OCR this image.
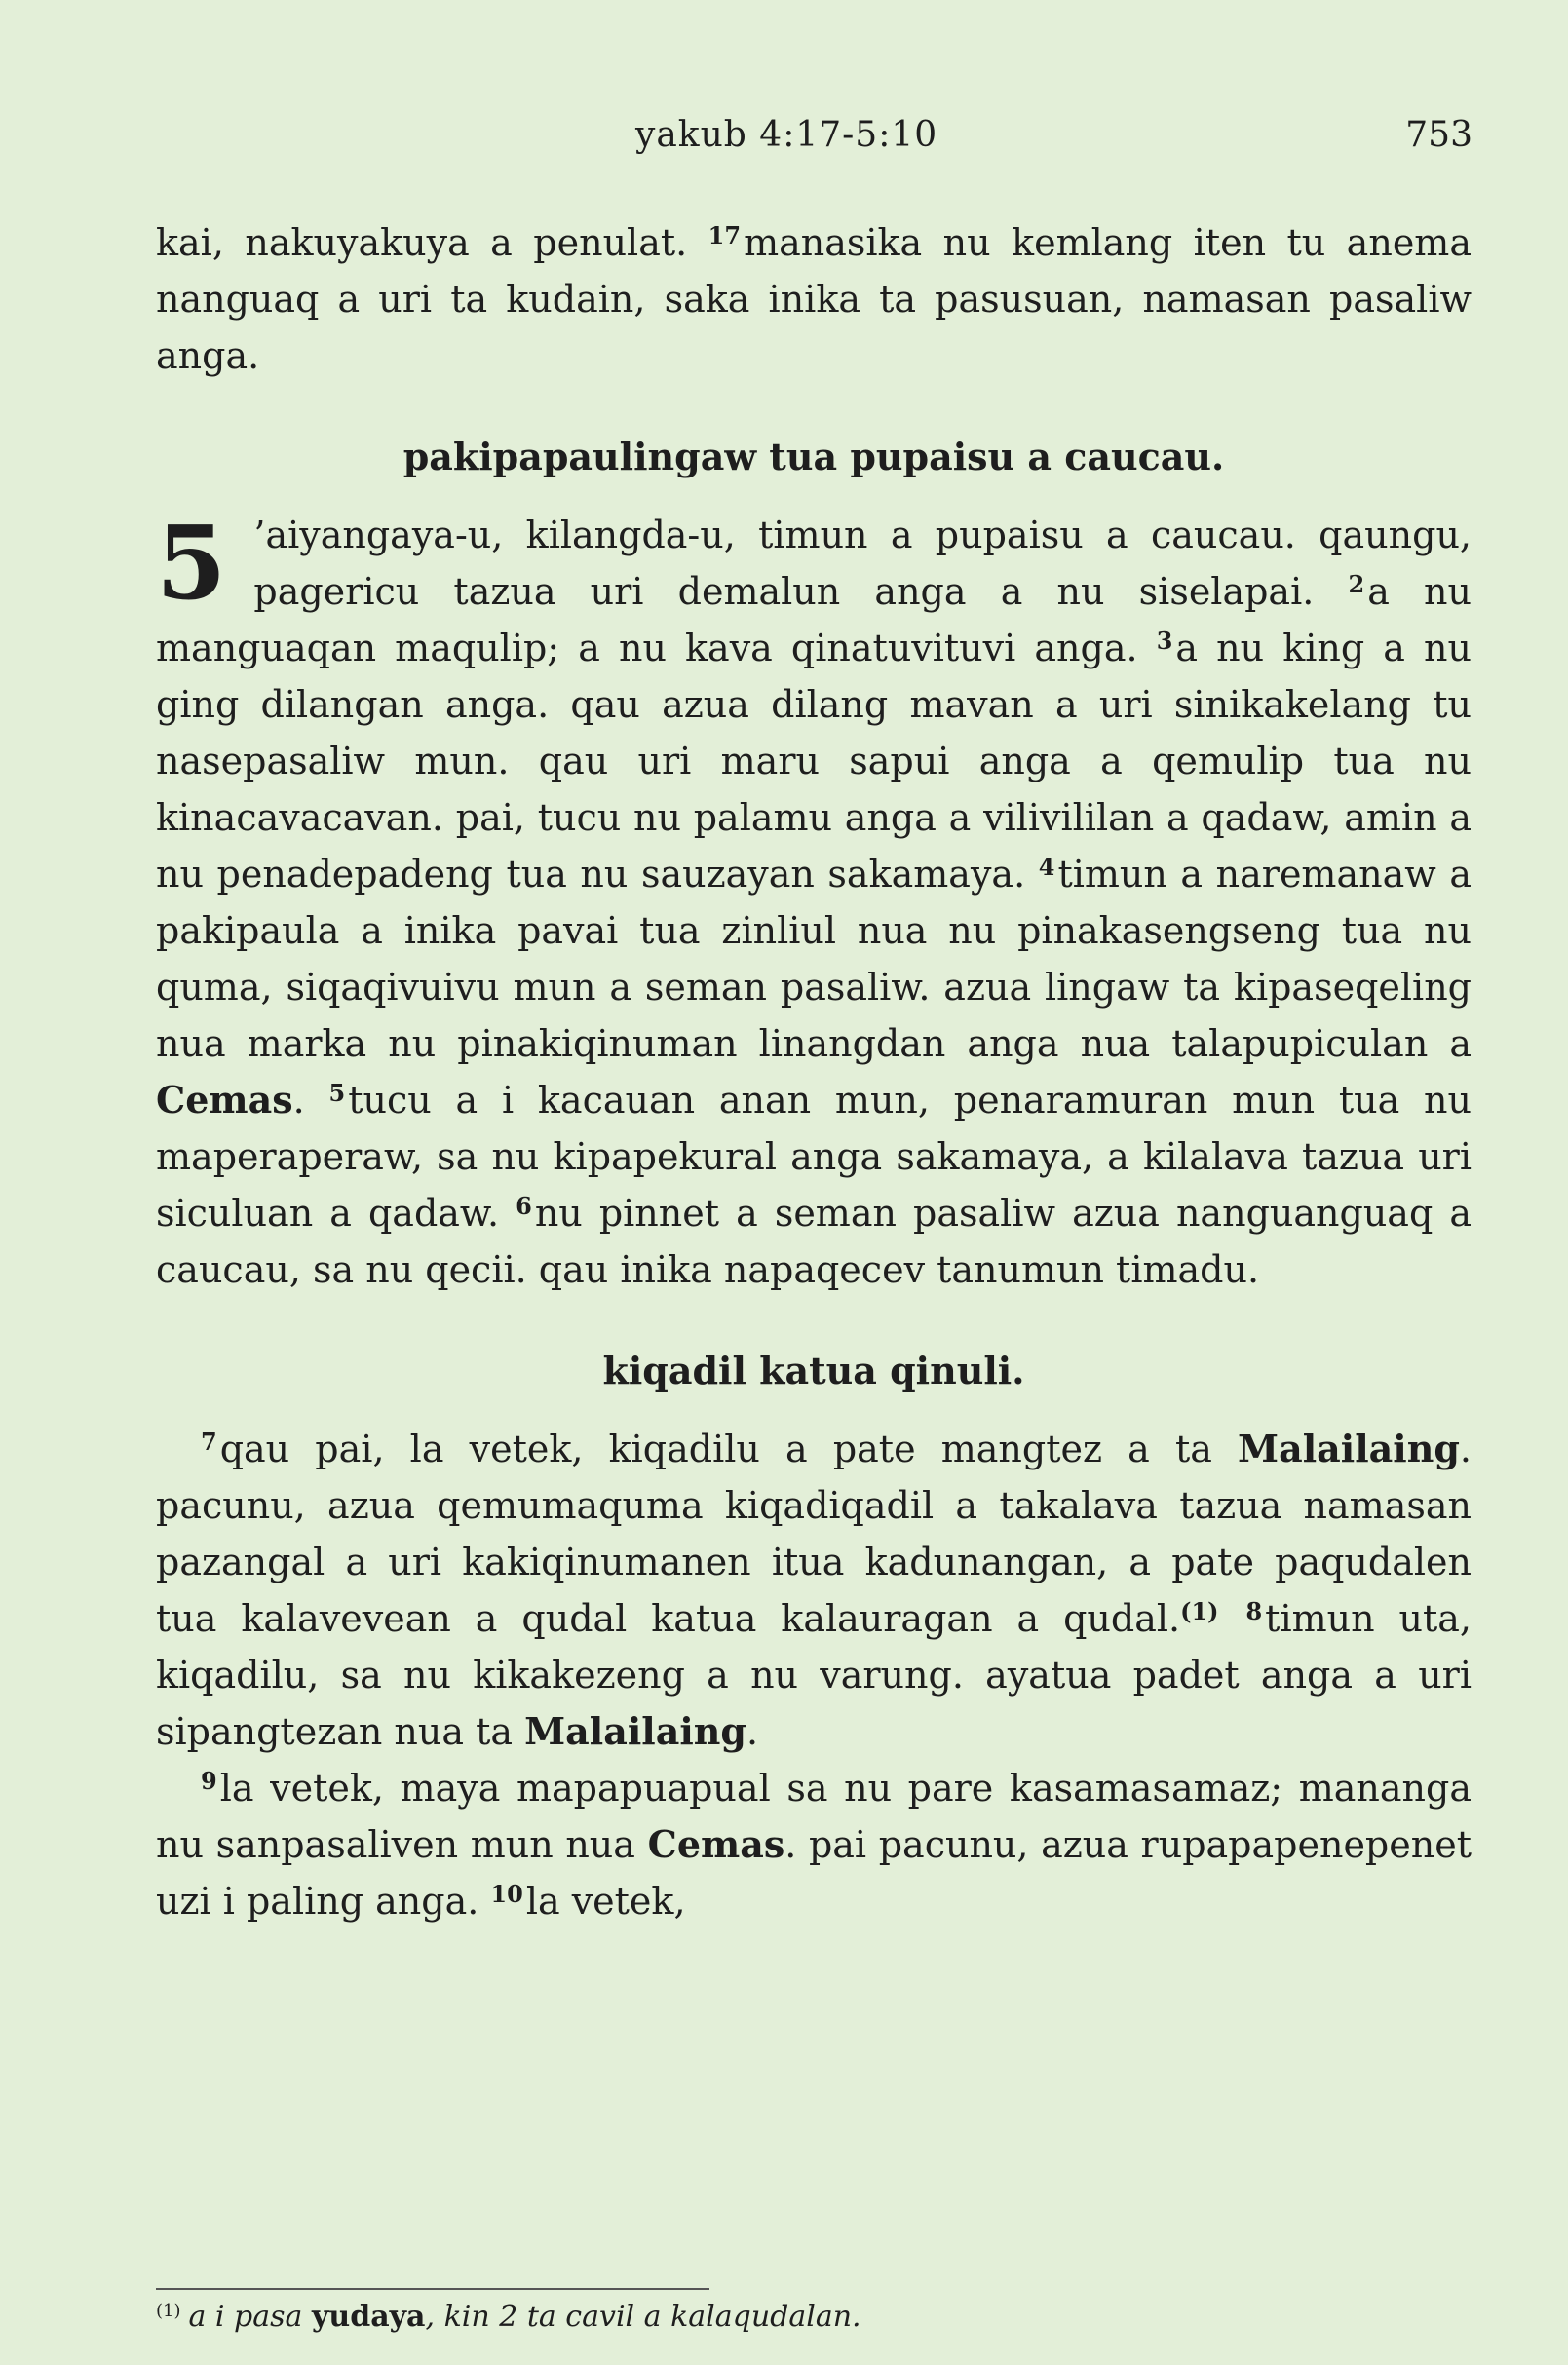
yakub 4:17-5:10	753

kai, nakuyakuya a penulat. $^{17}$manasika nu kemlang iten tu anema nanguaq a uri ta kudain, saka inika ta pasusuan, namasan pasaliw anga.

pakipapaulingaw tua pupaisu a caucau.

5 ’aiyangaya-u, kilangda-u, timun a pupaisu a caucau. qaungu, pagericu tazua uri demalun anga a nu siselapai. $^2$a nu manguaqan maqulip; a nu kava qinatuvituvi anga. $^3$a nu king a nu ging dilangan anga. qau azua dilang mavan a uri sinikakelang tu nasepasaliw mun. qau uri maru sapui anga a qemulip tua nu kinacavacavan. pai, tucu nu palamu anga a vilivililan a qadaw, amin a nu penadepadeng tua nu sauzayan sakamaya. $^4$timun a naremanaw a pakipaula a inika pavai tua zinliul nua nu pinakasengseng tua nu quma, siqaqivuivu mun a seman pasaliw. azua lingaw ta kipaseqeling nua marka nu pinakiqinuman linangdan anga nua talapupiculan a Cemas. $^5$tucu a i kacauan anan mun, penaramuran mun tua nu maperaperaw, sa nu kipapekural anga sakamaya, a kilalava tazua uri siculuan a qadaw. $^6$nu pinnet a seman pasaliw azua nanguanguaq a caucau, sa nu qecii. qau inika napaqecev tanumun timadu.

kiqadil katua qinuli.

$^7$qau pai, la vetek, kiqadilu a pate mangtez a ta Malailaing. pacunu, azua qemumaquma kiqadiqadil a takalava tazua namasan pazangal a uri kakiqinumanen itua kadunangan, a pate paqudalen tua kalavevean a qudal katua kalauragan a qudal.$^{(1)}$ $^8$timun uta, kiqadilu, sa nu kikakezeng a nu varung. ayatua padet anga a uri sipangtezan nua ta Malailaing.

$^9$la vetek, maya mapapuapual sa nu pare kasamasamaz; mananga nu sanpasaliven mun nua Cemas. pai pacunu, azua rupapapenepenet uzi i paling anga. $^{10}$la vetek,

$^{(1)}$ a i pasa yudaya, kin 2 ta cavil a kalaqudalan.
